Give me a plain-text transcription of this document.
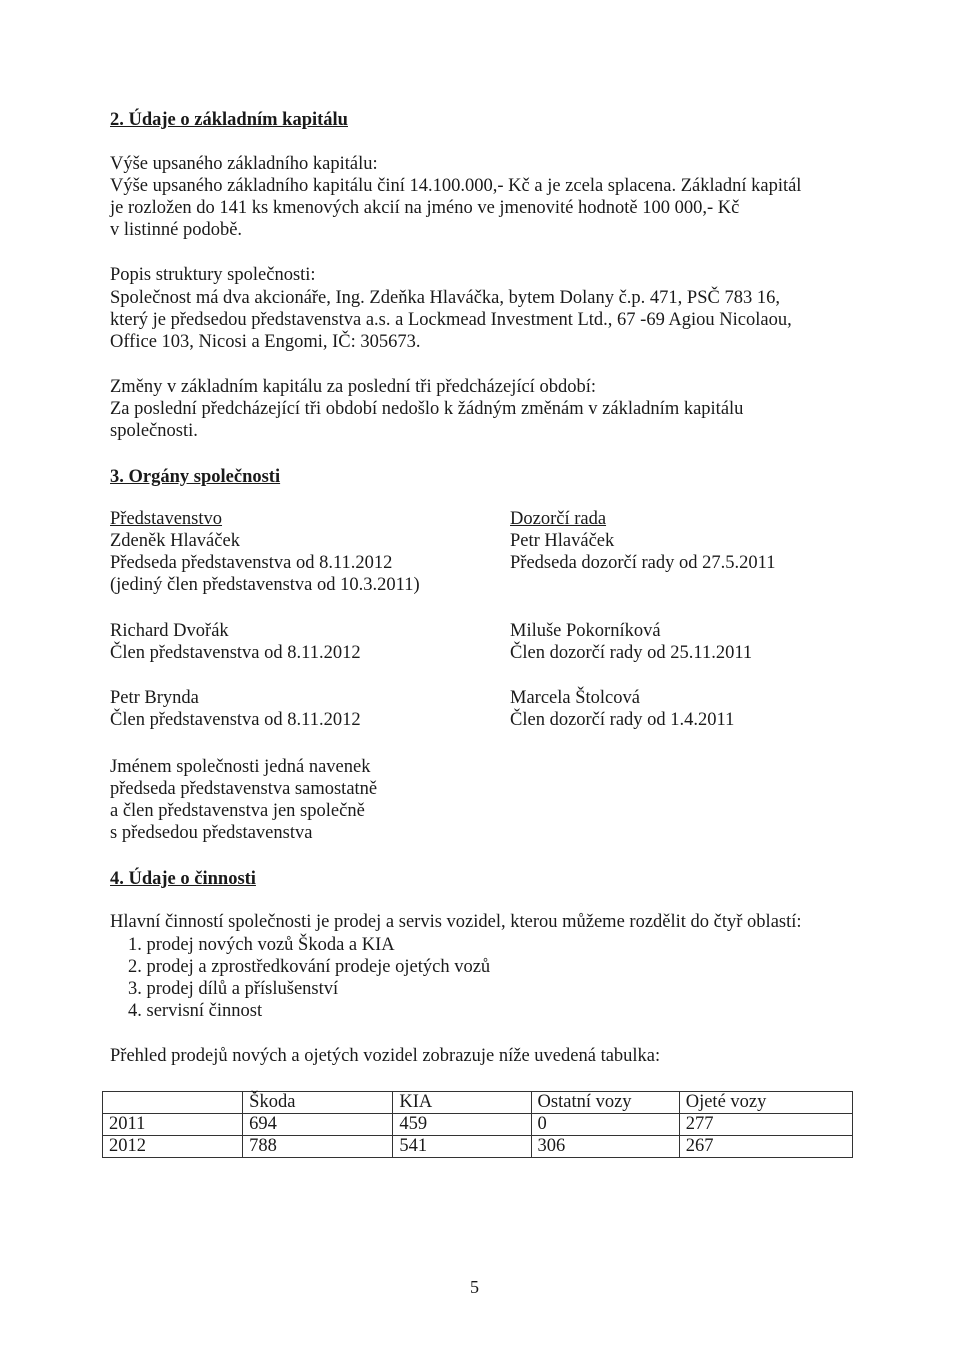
2. Údaje o základním kapitálu

Výše upsaného základního kapitálu:

Výše upsaného základního kapitálu činí 14.100.000,- Kč a je zcela splacena. Základní kapitál
je rozložen do 141 ks kmenových akcií na jméno ve jmenovité hodnotě 100 000,- Kč
v listinné podobě.

Popis struktury společnosti:

Společnost má dva akcionáře, Ing. Zdeňka Hlaváčka, bytem Dolany č.p. 471, PSČ 783 16,
který je předsedou představenstva a.s. a Lockmead Investment Ltd., 67 -69 Agiou Nicolaou,
Office 103, Nicosi a Engomi, IČ: 305673.

Změny v základním kapitálu za poslední tři předcházející období:

Za poslední předcházející tři období nedošlo k žádným změnám v základním kapitálu
společnosti.

3. Orgány společnosti
Představenstvo
Zdeněk Hlaváček
Předseda představenstva od 8.11.2012
(jediný člen představenstva od 10.3.2011)
Richard Dvořák
Člen představenstva od 8.11.2012
Petr Brynda
Člen představenstva od 8.11.2012
Dozorčí rada
Petr Hlaváček
Předseda dozorčí rady od 27.5.2011
Miluše Pokorníková
Člen dozorčí rady od 25.11.2011
Marcela Štolcová
Člen dozorčí rady od 1.4.2011

Jménem společnosti jedná navenek
předseda představenstva samostatně
a člen představenstva jen společně
s předsedou představenstva

4. Údaje o činnosti

Hlavní činností společnosti je prodej a servis vozidel, kterou můžeme rozdělit do čtyř oblastí:

1. prodej nových vozů Škoda a KIA
2. prodej a zprostředkování prodeje ojetých vozů
3. prodej dílů a příslušenství
4. servisní činnost

Přehled prodejů nových a ojetých vozidel zobrazuje níže uvedená tabulka:

	Škoda	KIA	Ostatní vozy	Ojeté vozy
2011	694	459	0	277
2012	788	541	306	267
5
